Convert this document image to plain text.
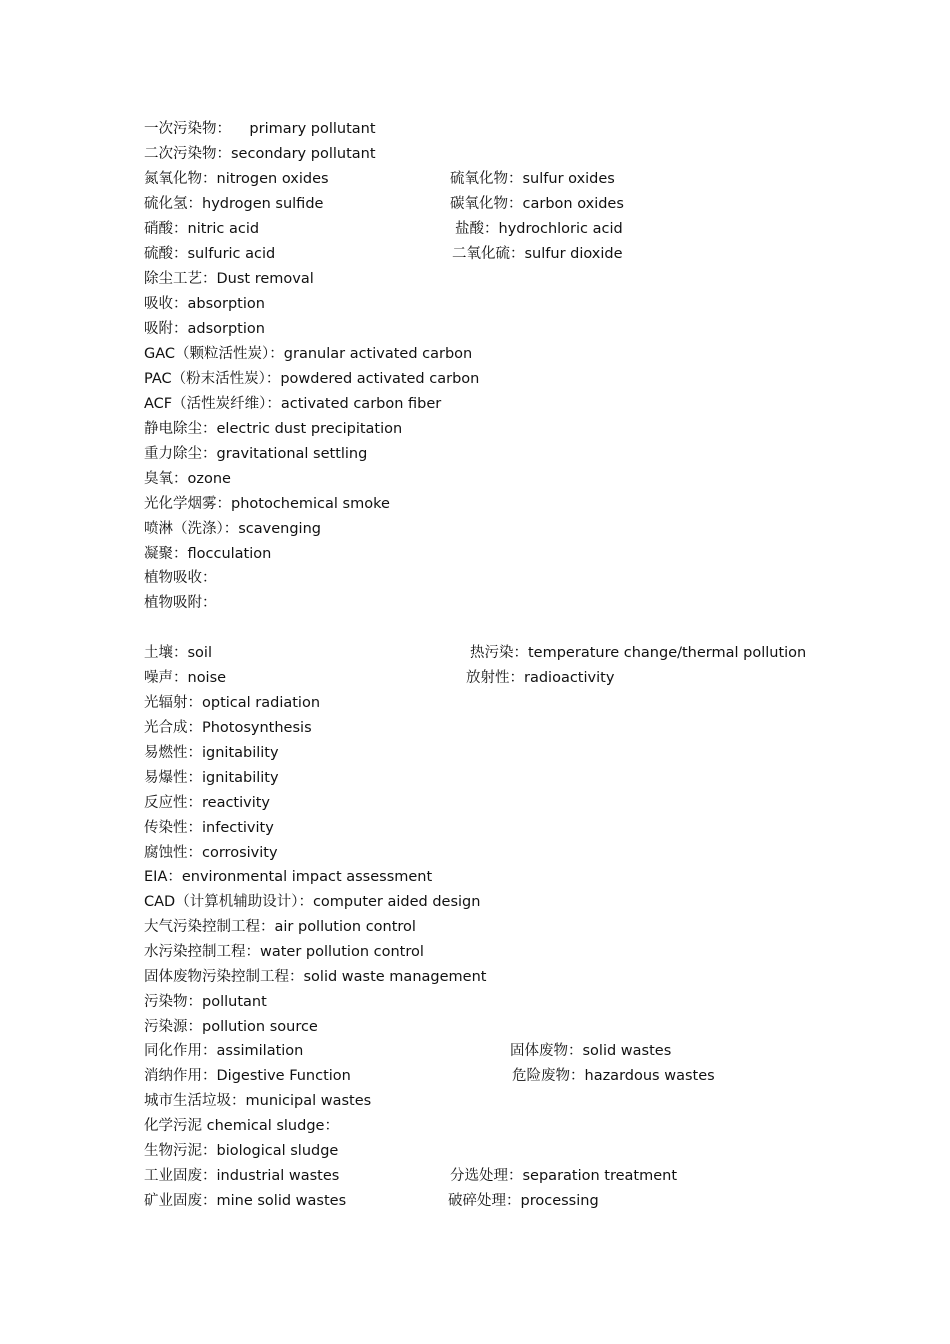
一次污染物：    primary pollutant
二次污染物：secondary pollutant
氮氧化物：nitrogen oxides	硫氧化物：sulfur oxides
硫化氢：hydrogen sulfide	碳氧化物：carbon oxides
硝酸：nitric acid	盐酸：hydrochloric acid
硫酸：sulfuric acid	二氧化硫：sulfur dioxide
除尘工艺：Dust removal
吸收：absorption
吸附：adsorption
GAC（颗粒活性炭）：granular activated carbon
PAC（粉末活性炭）：powdered activated carbon
ACF（活性炭纤维）：activated carbon fiber
静电除尘：electric dust precipitation
重力除尘：gravitational settling
臭氧：ozone
光化学烟雾：photochemical smoke
喷淋（洗涤）：scavenging
凝聚：flocculation
植物吸收：
植物吸附：
土壤：soil	热污染：temperature change/thermal pollution
噪声：noise	放射性：radioactivity
光辐射：optical radiation
光合成：Photosynthesis
易燃性：ignitability
易爆性：ignitability
反应性：reactivity
传染性：infectivity
腐蚀性：corrosivity
EIA：environmental impact assessment
CAD（计算机辅助设计）：computer aided design
大气污染控制工程：air pollution control
水污染控制工程：water pollution control
固体废物污染控制工程：solid waste management
污染物：pollutant
污染源：pollution source
同化作用：assimilation	固体废物：solid wastes
消纳作用：Digestive Function	危险废物：hazardous wastes
城市生活垃圾：municipal wastes
化学污泥 chemical sludge：
生物污泥：biological sludge
工业固废：industrial wastes	分选处理：separation treatment
矿业固废：mine solid wastes	破碎处理：processing
